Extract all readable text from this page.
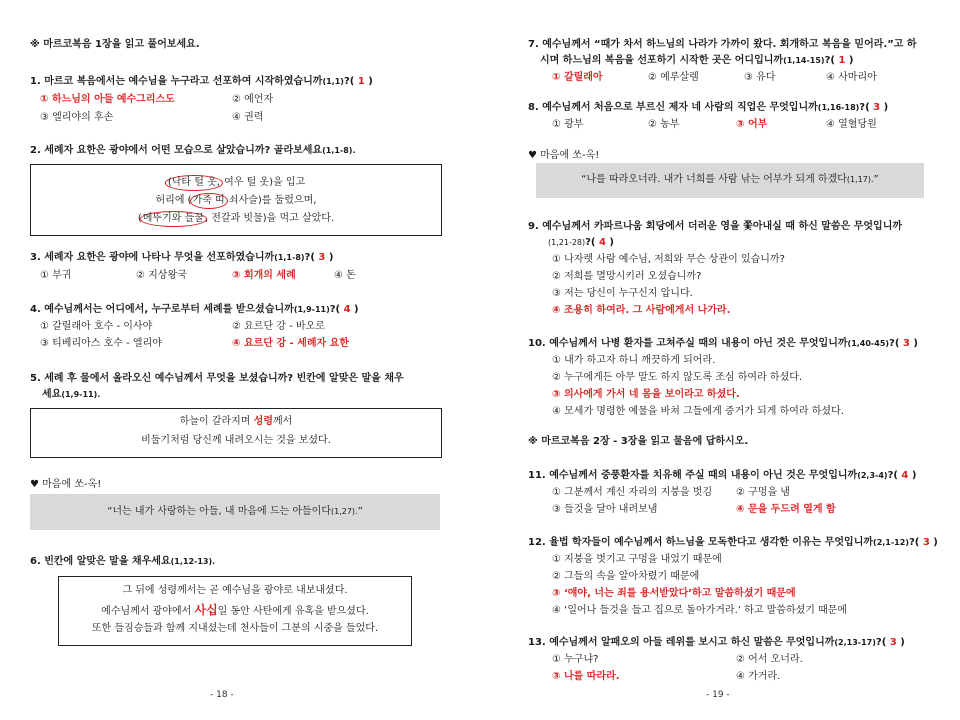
※ 마르코복음 1장을 읽고 풀어보세요.
1. 마르코 복음에서는 예수님을 누구라고 선포하여 시작하였습니까(1,1)?( 1 )
① 하느님의 아들 예수그리스도	② 예언자
③ 엘리야의 후손	④ 권력
2. 세례자 요한은 광야에서 어떤 모습으로 살았습니까? 골라보세요(1,1-8).
(낙타 털 옷, 여우 털 옷)을 입고
허리에 (가죽 띠 쇠사슬)를 둘렀으며,
(메뚜기와 들꿀, 전갈과 빗물)을 먹고 살았다.
3. 세례자 요한은 광야에 나타나 무엇을 선포하였습니까(1,1-8)?( 3 )
① 부귀	② 지상왕국	③ 회개의 세례	④ 돈
4. 예수님께서는 어디에서, 누구로부터 세례를 받으셨습니까(1,9-11)?( 4 )
① 갈릴래아 호수 - 이사야	② 요르단 강 - 바오로
③ 티베리아스 호수 - 엘리야	④ 요르단 강 - 세례자 요한
5. 세례 후 물에서 올라오신 예수님께서 무엇을 보셨습니까? 빈칸에 알맞은 말을 채우
세요(1,9-11).
하늘이 갈라지며 성령께서
비둘기처럼 당신께 내려오시는 것을 보셨다.
♥ 마음에 쏘-옥!
“너는 내가 사랑하는 아들, 내 마음에 드는 아들이다(1,27).”
6. 빈칸에 알맞은 말을 채우세요(1,12-13).
그 뒤에 성령께서는 곧 예수님을 광야로 내보내셨다.
예수님께서 광야에서 사십일 동안 사탄에게 유혹을 받으셨다.
또한 들짐승들과 함께 지내셨는데 천사들이 그분의 시중을 들었다.
- 18 -
7. 예수님께서 “때가 차서 하느님의 나라가 가까이 왔다. 회개하고 복음을 믿어라.”고 하
시며 하느님의 복음을 선포하기 시작한 곳은 어디입니까(1,14-15)?( 1 )
① 갈릴래아	② 예루살렘	③ 유다	④ 사마리아
8. 예수님께서 처음으로 부르신 제자 네 사람의 직업은 무엇입니까(1,16-18)?( 3 )
① 광부	② 농부	③ 어부	④ 열혈당원
♥ 마음에 쏘-옥!
“나를 따라오너라. 내가 너희를 사람 낚는 어부가 되게 하겠다(1,17).”
9. 예수님께서 카파르나움 회당에서 더러운 영을 쫓아내실 때 하신 말씀은 무엇입니까
(1,21-28)?( 4 )
① 나자렛 사람 예수님, 저희와 무슨 상관이 있습니까?
② 저희를 멸망시키러 오셨습니까?
③ 저는 당신이 누구신지 압니다.
④ 조용히 하여라. 그 사람에게서 나가라.
10. 예수님께서 나병 환자를 고쳐주실 때의 내용이 아닌 것은 무엇입니까(1,40-45)?( 3 )
① 내가 하고자 하니 깨끗하게 되어라.
② 누구에게든 아무 말도 하지 않도록 조심 하여라 하셨다.
③ 의사에게 가서 네 몸을 보이라고 하셨다.
④ 모세가 명령한 예물을 바쳐 그들에게 증거가 되게 하여라 하셨다.
※ 마르코복음 2장 - 3장을 읽고 물음에 답하시오.
11. 예수님께서 중풍환자를 치유해 주실 때의 내용이 아닌 것은 무엇입니까(2,3-4)?( 4 )
① 그분께서 계신 자리의 지붕을 벗김 ② 구멍을 냄
③ 들것을 달아 내려보냄	④ 문을 두드려 열게 함
12. 율법 학자들이 예수님께서 하느님을 모독한다고 생각한 이유는 무엇입니까(2,1-12)?( 3 )
① 지붕을 벗기고 구멍을 내었기 때문에
② 그들의 속을 알아차렸기 때문에
③ ‘얘야, 너는 죄를 용서받았다’하고 말씀하셨기 때문에
④ ‘일어나 들것을 들고 집으로 돌아가거라.’ 하고 말씀하셨기 때문에
13. 예수님께서 알패오의 아들 레위를 보시고 하신 말씀은 무엇입니까(2,13-17)?( 3 )
① 누구냐?	② 어서 오너라.
③ 나를 따라라.	④ 가거라.
- 19 -
